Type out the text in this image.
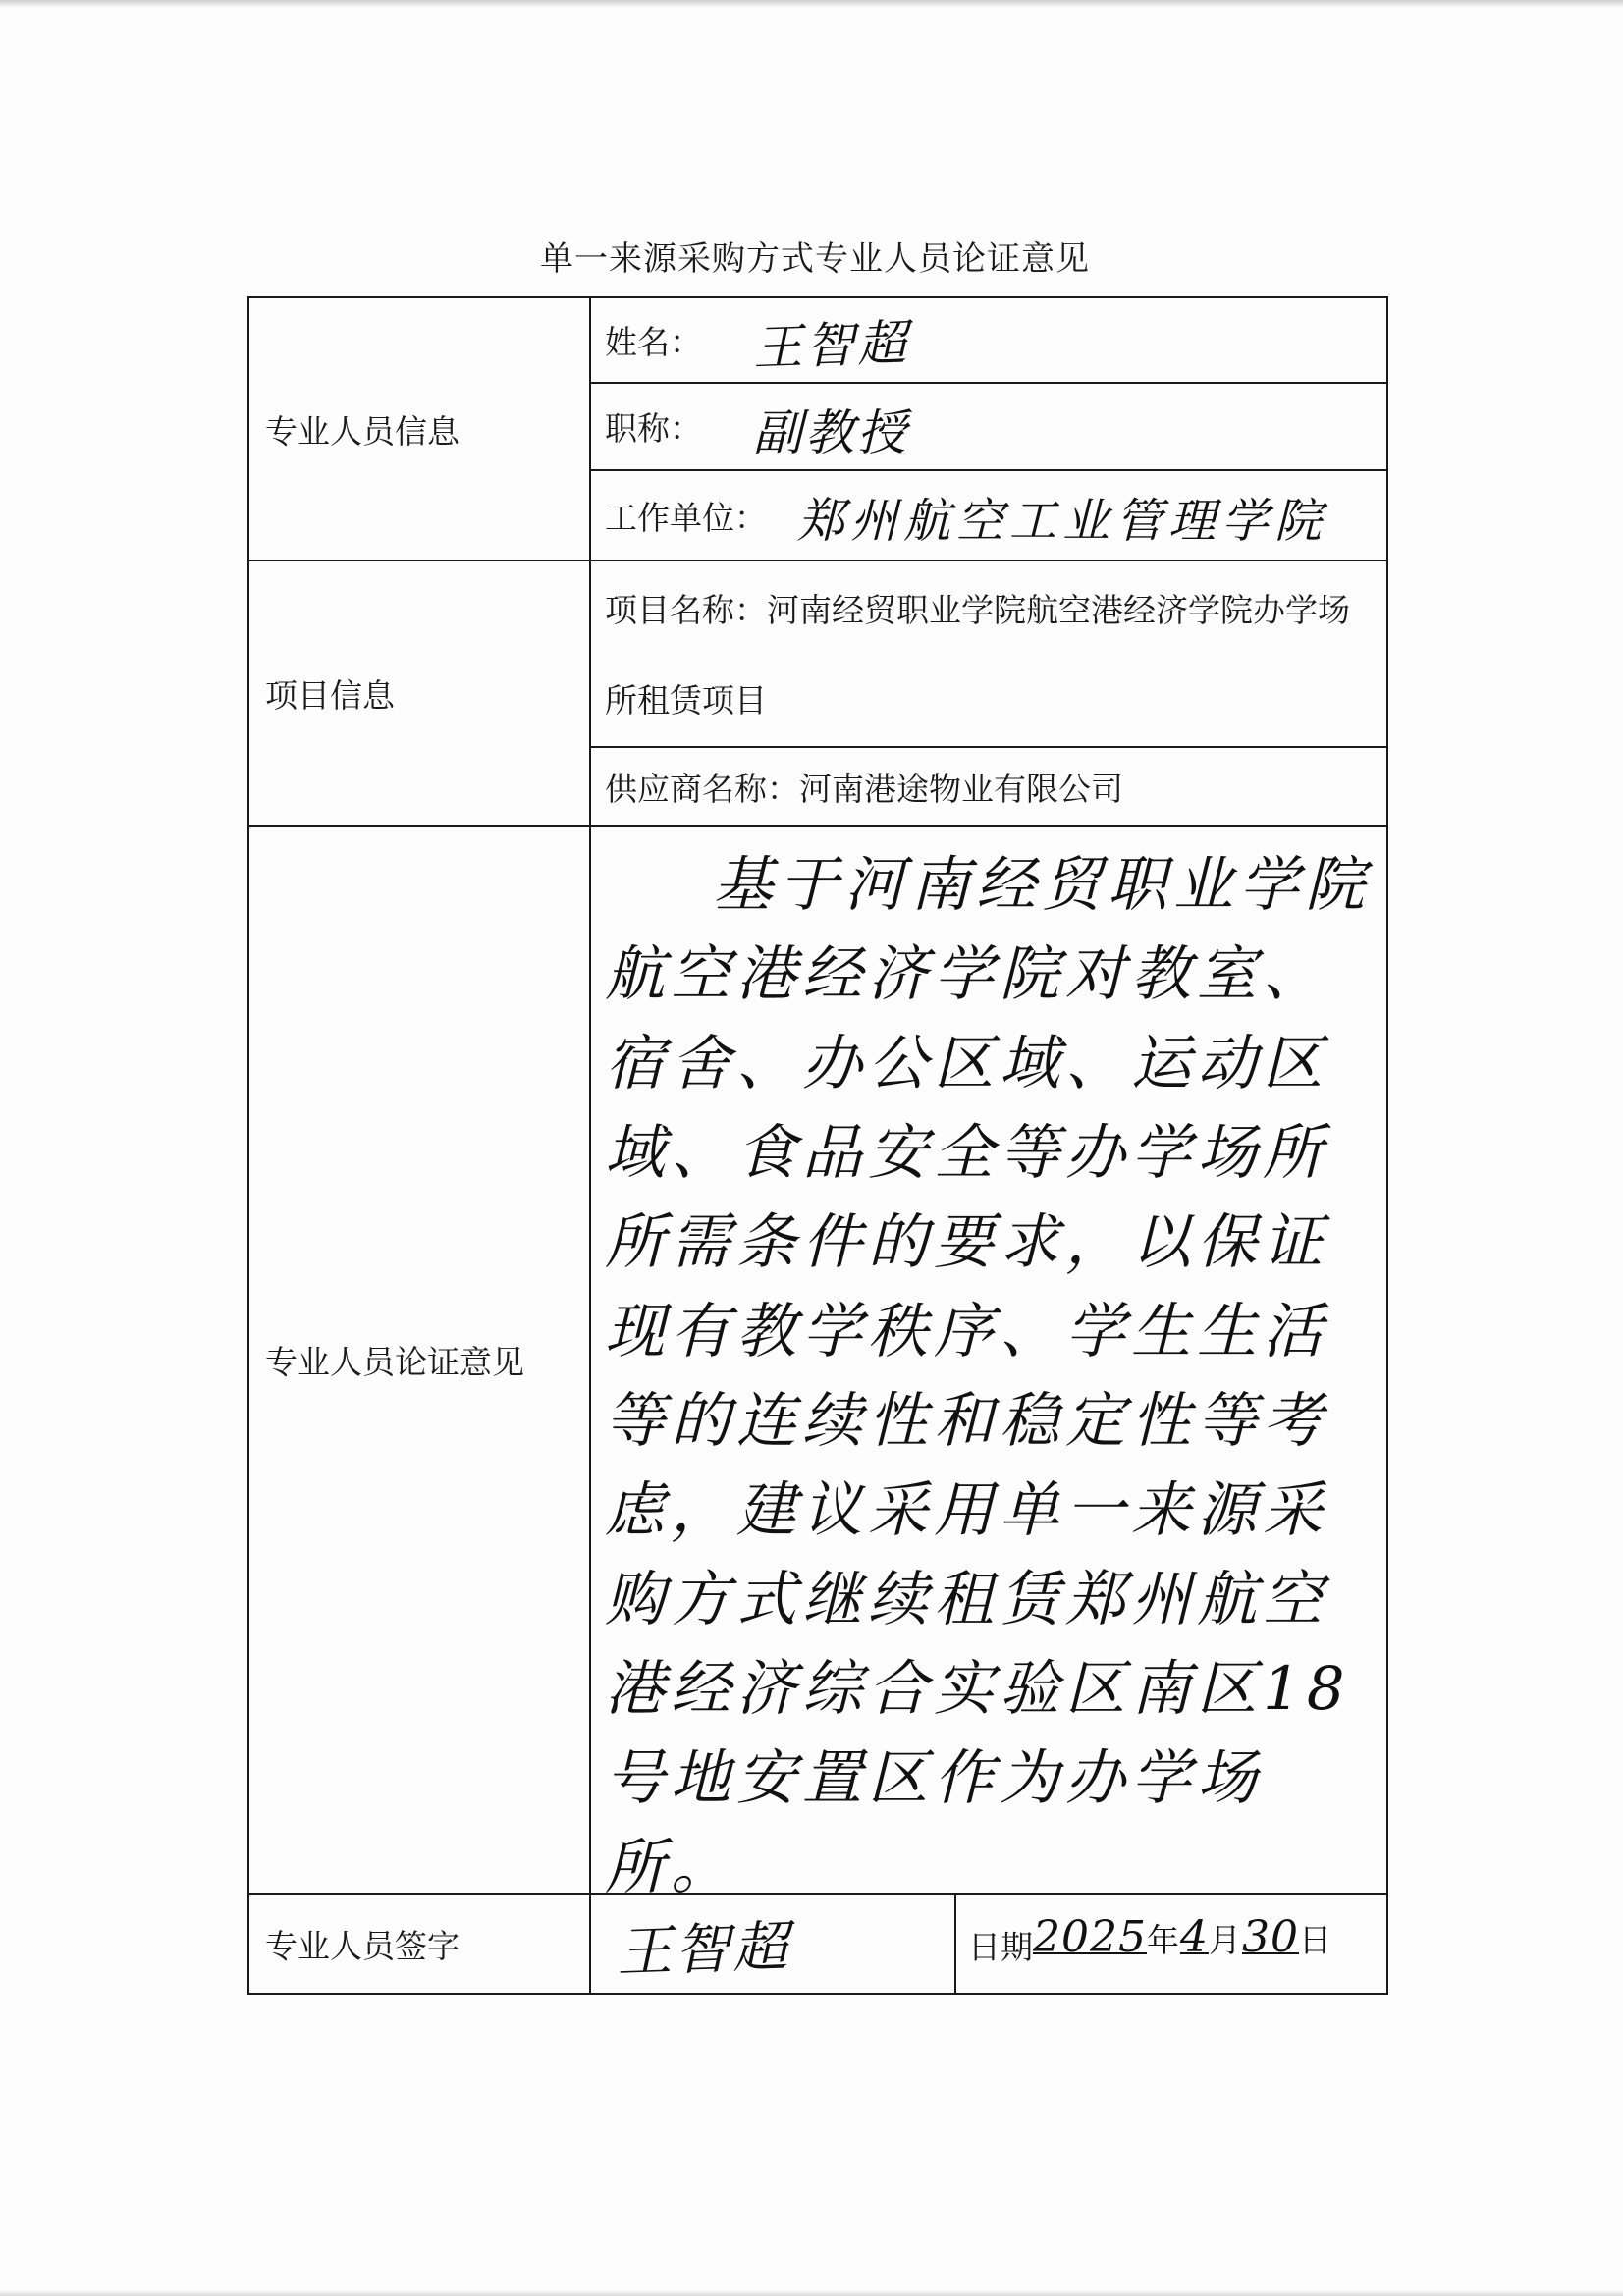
单一来源采购方式专业人员论证意见
专业人员信息	姓名： 王智超	

	职称： 副教授	

	工作单位： 郑州航空工业管理学院	

项目信息	项目名称：河南经贸职业学院航空港经济学院办学场所租赁项目	

	供应商名称：河南港途物业有限公司	
专业人员论证意见	基于河南经贸职业学院航空港经济学院对教室、宿舍、办公区域、运动区域、食品安全等办学场所所需条件的要求，以保证现有教学秩序、学生生活等的连续性和稳定性等考虑，建议采用单一来源采购方式继续租赁郑州航空港经济综合实验区南区18号地安置区作为办学场所。	

专业人员签字	王智超	日期 2025年4月30日
